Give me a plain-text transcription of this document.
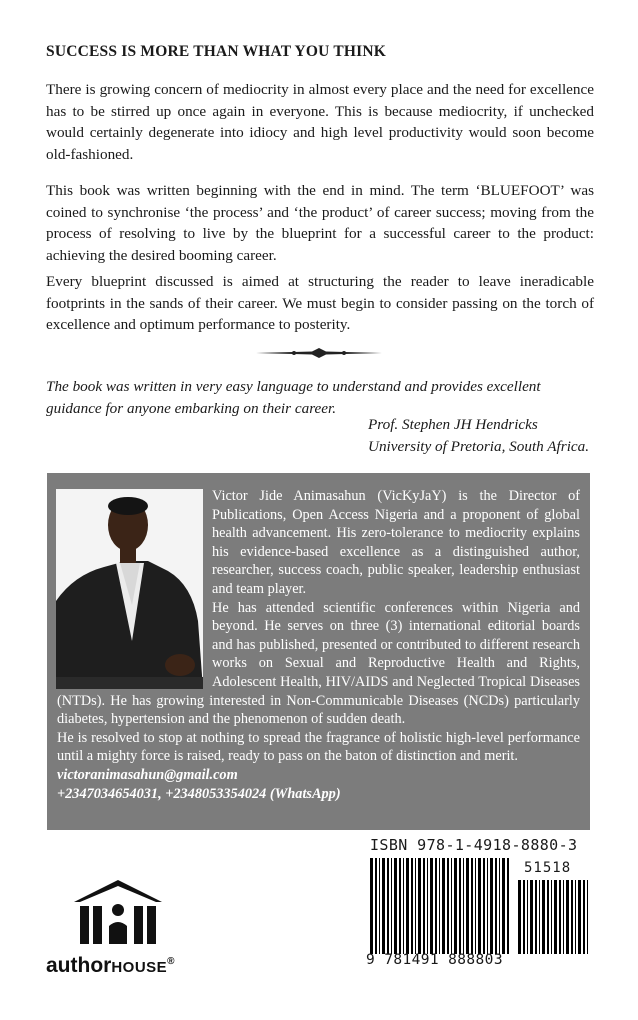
SUCCESS IS MORE THAN WHAT YOU THINK
There is growing concern of mediocrity in almost every place and the need for excellence has to be stirred up once again in everyone. This is because mediocrity, if unchecked would certainly degenerate into idiocy and high level productivity would soon become old-fashioned.
This book was written beginning with the end in mind. The term ‘BLUEFOOT’ was coined to synchronise ‘the process’ and ‘the product’ of career success; moving from the process of resolving to live by the blueprint for a successful career to the product: achieving the desired booming career.
Every blueprint discussed is aimed at structuring the reader to leave ineradicable footprints in the sands of their career. We must begin to consider passing on the torch of excellence and optimum performance to posterity.
The book was written in very easy language to understand and provides excellent guidance for anyone embarking on their career.
Prof. Stephen JH Hendricks
University of Pretoria, South Africa.

Victor Jide Animasahun (VicKyJaY) is the Director of Publications, Open Access Nigeria and a proponent of global health advancement. His zero-tolerance to mediocrity explains his evidence-based excellence as a distinguished author, researcher, success coach, public speaker, leadership enthusiast and team player.

He has attended scientific conferences within Nigeria and beyond. He serves on three (3) international editorial boards and has published, presented or contributed to different research works on Sexual and Reproductive Health and Rights, Adolescent Health, HIV/AIDS and Neglected Tropical Diseases (NTDs). He has growing interested in Non-Communicable Diseases (NCDs) particularly diabetes, hypertension and the phenomenon of sudden death.

He is resolved to stop at nothing to spread the fragrance of holistic high-level performance until a mighty force is raised, ready to pass on the baton of distinction and merit.

victoranimasahun@gmail.com

+2347034654031, +2348053354024 (WhatsApp)

ISBN 978-1-4918-8880-3
51518
9 781491 888803
authorHOUSE®
